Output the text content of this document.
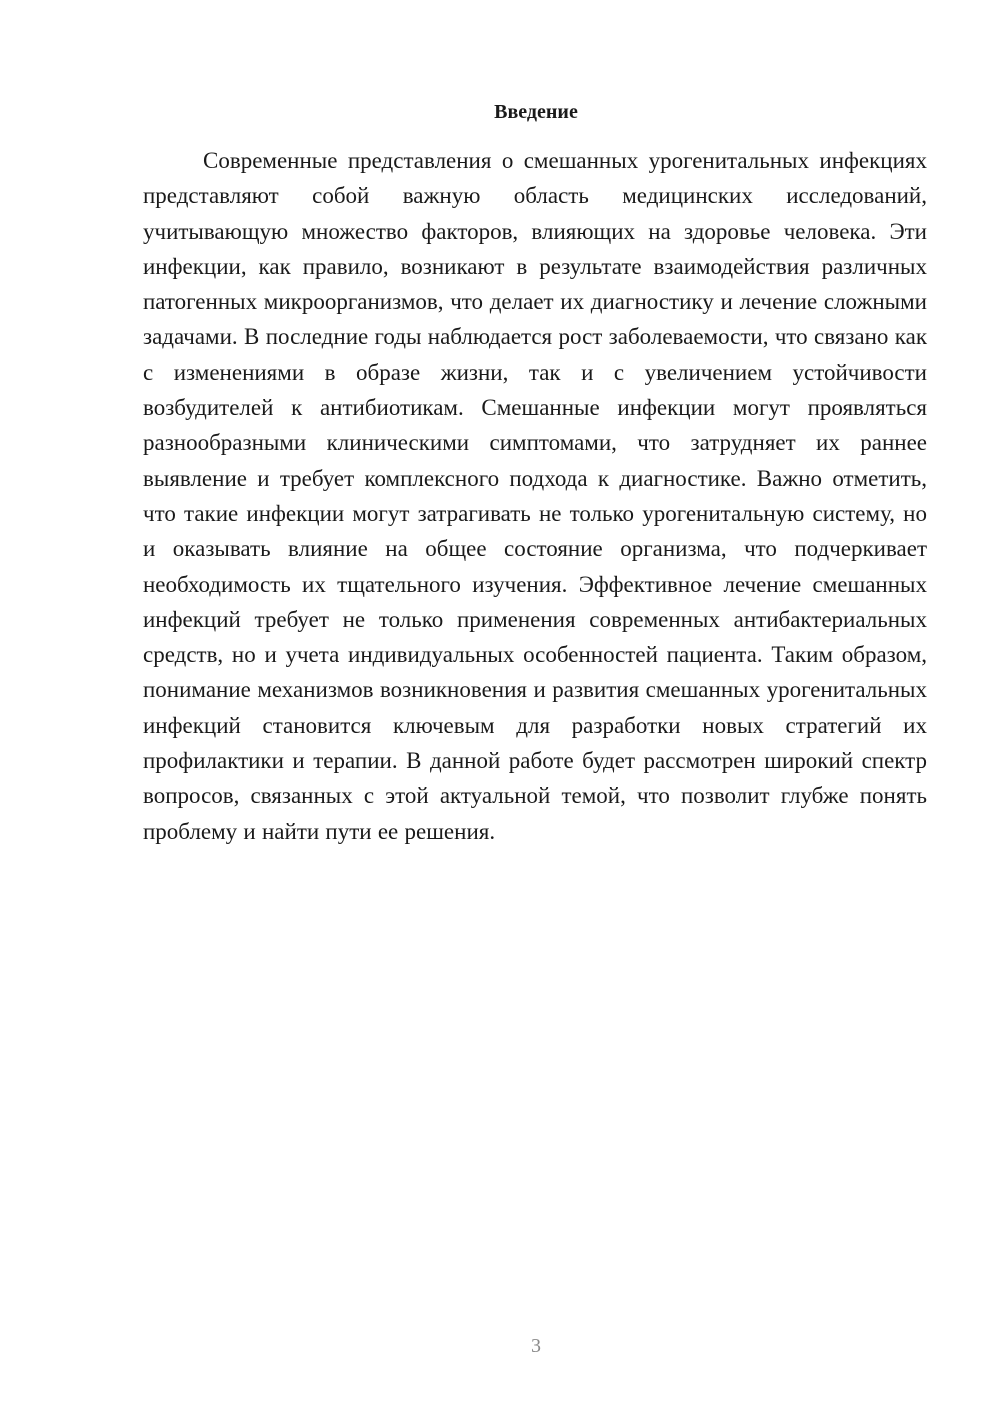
Введение

Современные представления о смешанных урогенитальных инфекциях представляют собой важную область медицинских исследований, учитывающую множество факторов, влияющих на здоровье человека. Эти инфекции, как правило, возникают в результате взаимодействия различных патогенных микроорганизмов, что делает их диагностику и лечение сложными задачами. В последние годы наблюдается рост заболеваемости, что связано как с изменениями в образе жизни, так и с увеличением устойчивости возбудителей к антибиотикам. Смешанные инфекции могут проявляться разнообразными клиническими симптомами, что затрудняет их раннее выявление и требует комплексного подхода к диагностике. Важно отметить, что такие инфекции могут затрагивать не только урогенитальную систему, но и оказывать влияние на общее состояние организма, что подчеркивает необходимость их тщательного изучения. Эффективное лечение смешанных инфекций требует не только применения современных антибактериальных средств, но и учета индивидуальных особенностей пациента. Таким образом, понимание механизмов возникновения и развития смешанных урогенитальных инфекций становится ключевым для разработки новых стратегий их профилактики и терапии. В данной работе будет рассмотрен широкий спектр вопросов, связанных с этой актуальной темой, что позволит глубже понять проблему и найти пути ее решения.

3
